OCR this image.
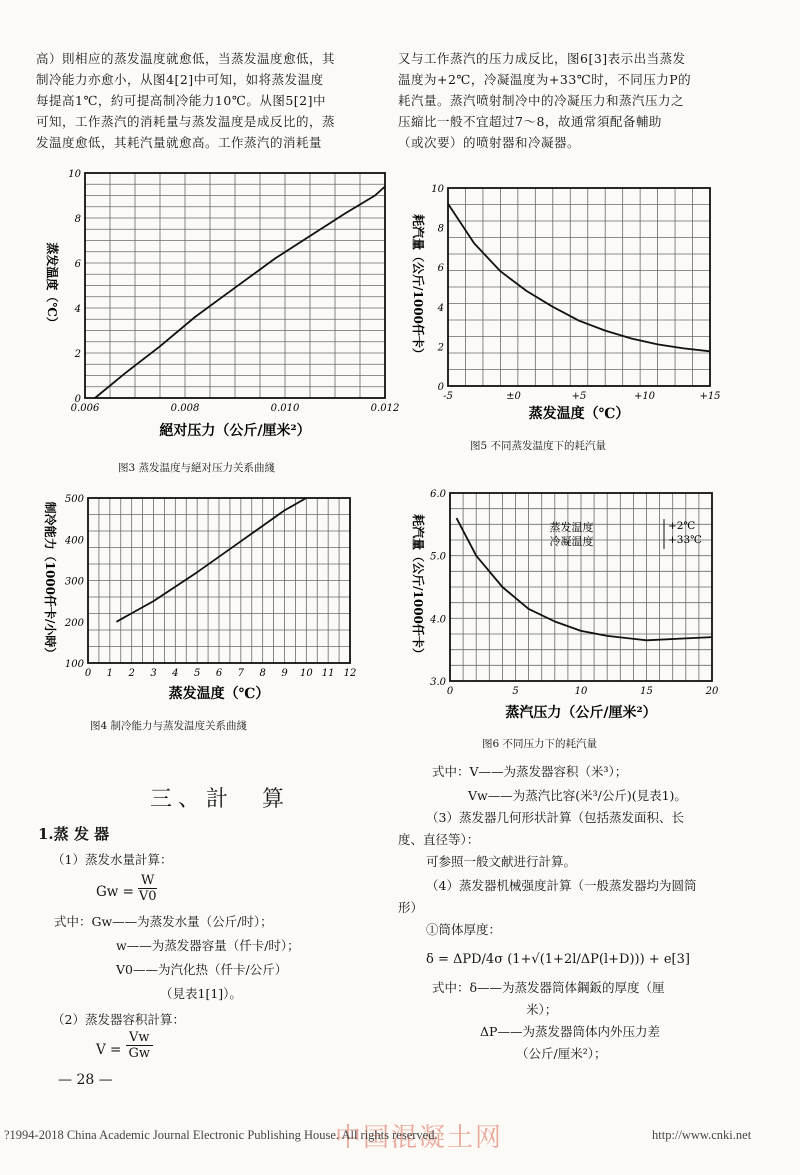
高）則相应的蒸发温度就愈低，当蒸发温度愈低，其
制冷能力亦愈小，从图4[2]中可知，如将蒸发温度
每提高1℃，約可提高制冷能力10℃。从图5[2]中
可知，工作蒸汽的消耗量与蒸发温度是成反比的，蒸
发温度愈低，其耗汽量就愈高。工作蒸汽的消耗量
又与工作蒸汽的压力成反比，图6[3]表示出当蒸发
温度为+2℃，冷凝温度为+33℃时，不同压力P的
耗汽量。蒸汽喷射制冷中的冷凝压力和蒸汽压力之
压縮比一般不宜超过7～8，故通常須配备輔助
（或次要）的喷射器和冷凝器。
0.006	0.008	0.010	0.012
0
2
4
6
8
10
絕对压力（公斤/厘米²）
蒸发温度（℃）
图3 蒸发温度与絕对压力关系曲綫
-5	±0	+5	+10	+15
0
2
4
6
8
10
蒸发温度（℃）
耗汽量（公斤/1000仟卡）
图5 不同蒸发温度下的耗汽量
0 1 2 3 4 5 6 7 8 9 10 11 12
100
200
300
400
500
蒸发温度（℃）
制冷能力（1000仟卡/小時）
图4 制冷能力与蒸发温度关系曲綫
0	5	10	15	20
3.0
4.0
5.0
6.0
蒸汽压力（公斤/厘米²）
耗汽量（公斤/1000仟卡）	蒸发温度
冷凝温度
+2℃
+33℃
图6 不同压力下的耗汽量
三、計　算
1.蒸 发 器
（1）蒸发水量計算：
$Gw = \frac{W}{V0}$
式中：Gw——为蒸发水量（公斤/时）；
w——为蒸发器容量（仟卡/时）；
V0——为汽化热（仟卡/公斤）
（見表1[1]）。
（2）蒸发器容积計算：
$V = \frac{Vw}{Gw}$
式中：V——为蒸发器容积（米³）；
Vw——为蒸汽比容(米³/公斤)(見表1)。
（3）蒸发器几何形状計算（包括蒸发面积、长
度、直径等）：
可参照一般文献进行計算。
（4）蒸发器机械强度計算（一般蒸发器均为圆筒
形）
①筒体厚度：
δ = ΔPD/4σ (1+√(1+2l/ΔP(l+D))) + e[3]
式中：δ——为蒸发器筒体鋼鈑的厚度（厘
米）；
ΔP——为蒸发器筒体内外压力差
（公斤/厘米²）；
— 28 —
中国混凝土网
?1994-2018 China Academic Journal Electronic Publishing House. All rights reserved.	http://www.cnki.net
